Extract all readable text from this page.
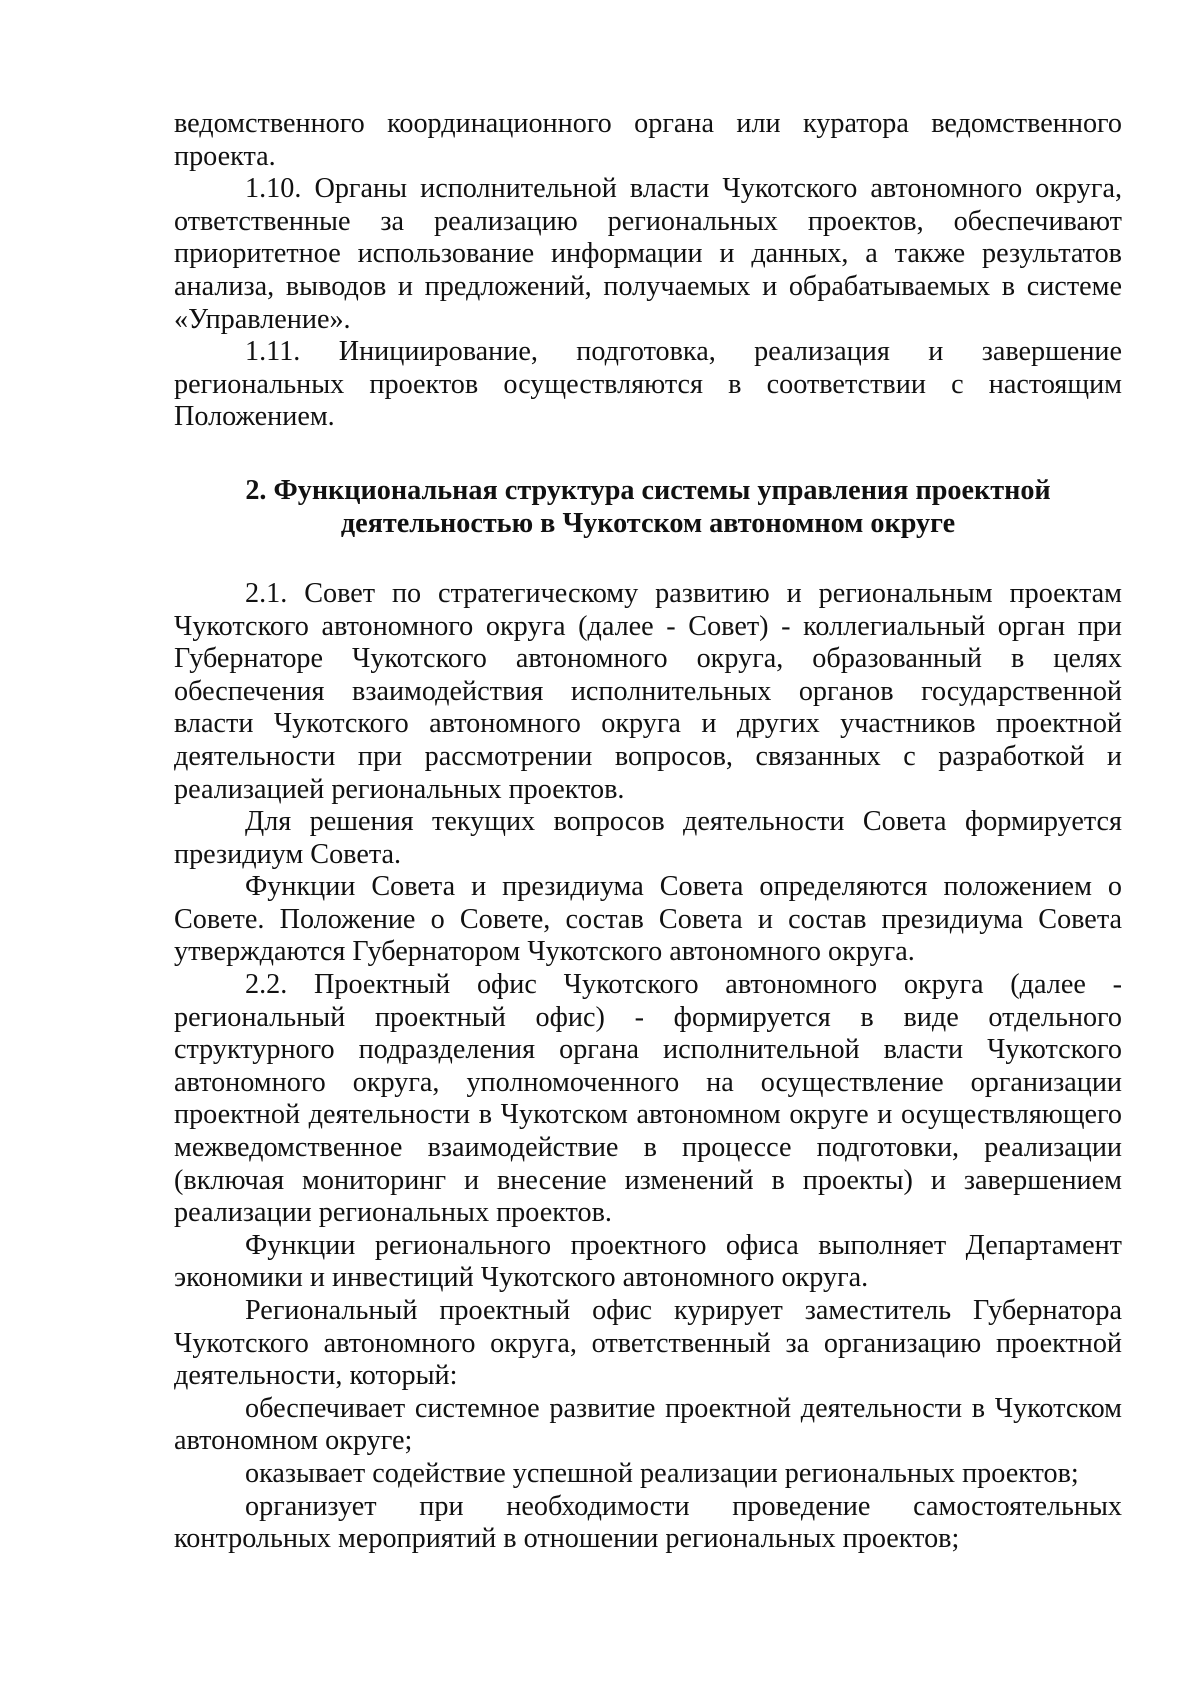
ведомственного координационного органа или куратора ведомственного проекта.

1.10. Органы исполнительной власти Чукотского автономного округа, ответственные за реализацию региональных проектов, обеспечивают приоритетное использование информации и данных, а также результатов анализа, выводов и предложений, получаемых и обрабатываемых в системе «Управление».

1.11. Инициирование, подготовка, реализация и завершение региональных проектов осуществляются в соответствии с настоящим Положением.

2. Функциональная структура системы управления проектной
деятельностью в Чукотском автономном округе

2.1. Совет по стратегическому развитию и региональным проектам Чукотского автономного округа (далее - Совет) - коллегиальный орган при Губернаторе Чукотского автономного округа, образованный в целях обеспечения взаимодействия исполнительных органов государственной власти Чукотского автономного округа и других участников проектной деятельности при рассмотрении вопросов, связанных с разработкой и реализацией региональных проектов.

Для решения текущих вопросов деятельности Совета формируется президиум Совета.

Функции Совета и президиума Совета определяются положением о Совете. Положение о Совете, состав Совета и состав президиума Совета утверждаются Губернатором Чукотского автономного округа.

2.2. Проектный офис Чукотского автономного округа (далее - региональный проектный офис) - формируется в виде отдельного структурного подразделения органа исполнительной власти Чукотского автономного округа, уполномоченного на осуществление организации проектной деятельности в Чукотском автономном округе и осуществляющего межведомственное взаимодействие в процессе подготовки, реализации (включая мониторинг и внесение изменений в проекты) и завершением реализации региональных проектов.

Функции регионального проектного офиса выполняет Департамент экономики и инвестиций Чукотского автономного округа.

Региональный проектный офис курирует заместитель Губернатора Чукотского автономного округа, ответственный за организацию проектной деятельности, который:

обеспечивает системное развитие проектной деятельности в Чукотском автономном округе;

оказывает содействие успешной реализации региональных проектов;

организует при необходимости проведение самостоятельных контрольных мероприятий в отношении региональных проектов;
